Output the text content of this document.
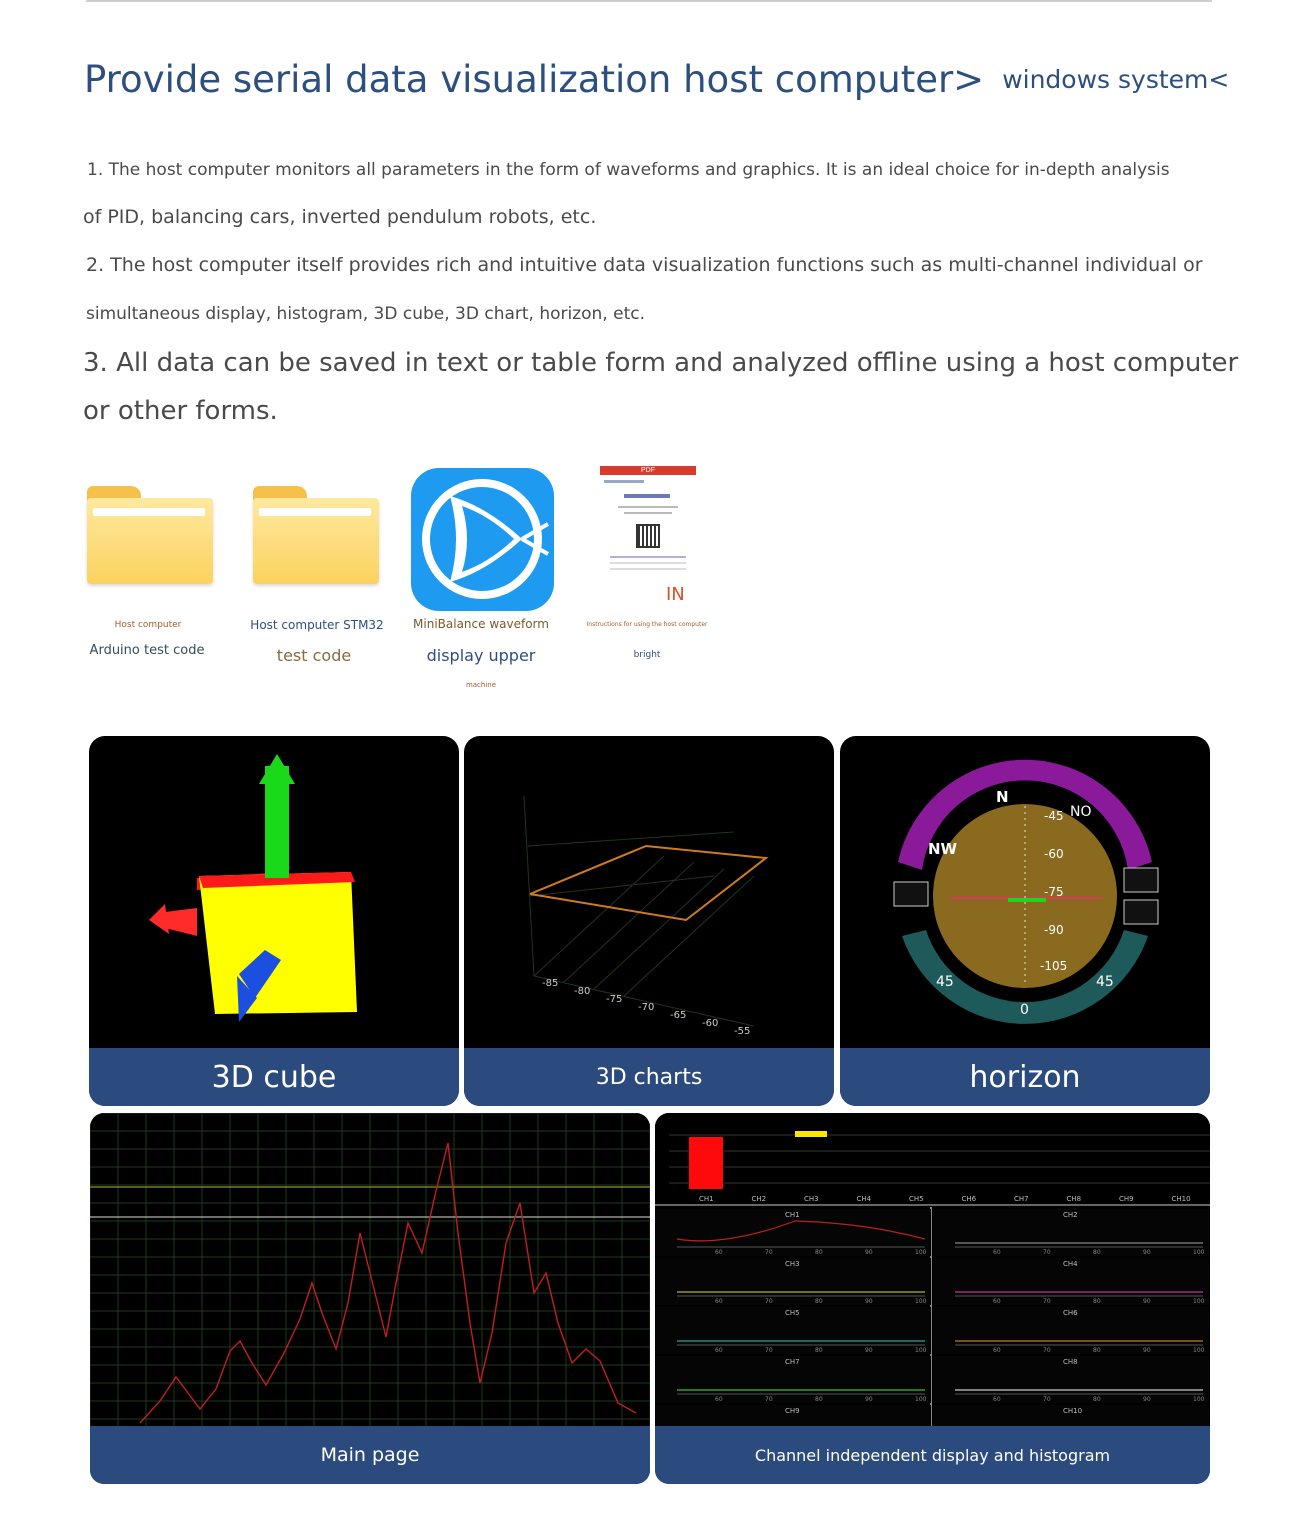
Provide serial data visualization host computer> windows system<
1. The host computer monitors all parameters in the form of waveforms and graphics. It is an ideal choice for in-depth analysis
of PID, balancing cars, inverted pendulum robots, etc.
2. The host computer itself provides rich and intuitive data visualization functions such as multi-channel individual or
simultaneous display, histogram, 3D cube, 3D chart, horizon, etc.
3. All data can be saved in text or table form and analyzed offline using a host computer
or other forms.
Host computer
Arduino test code
Host computer STM32
test code
MiniBalance waveform
display upper
machine
PDF
IN
Instructions for using the host computer
bright
3D cube
-85
-80
-75
-70
-65
-60
-55
3D charts
N
NO
NW
-45
-60
-75
-90
-105
45
0
45
horizon
Main page
CH1	CH2	CH3	CH4	CH5	CH6	CH7	CH8	CH9	CH10
CH1
60	70	80	90	100
CH2
60	70	80	90	100
CH3
60	70	80	90	100
CH4
60	70	80	90	100
CH5
60	70	80	90	100
CH6
60	70	80	90	100
CH7
60	70	80	90	100
CH8
60	70	80	90	100
CH9	CH10
Channel independent display and histogram
